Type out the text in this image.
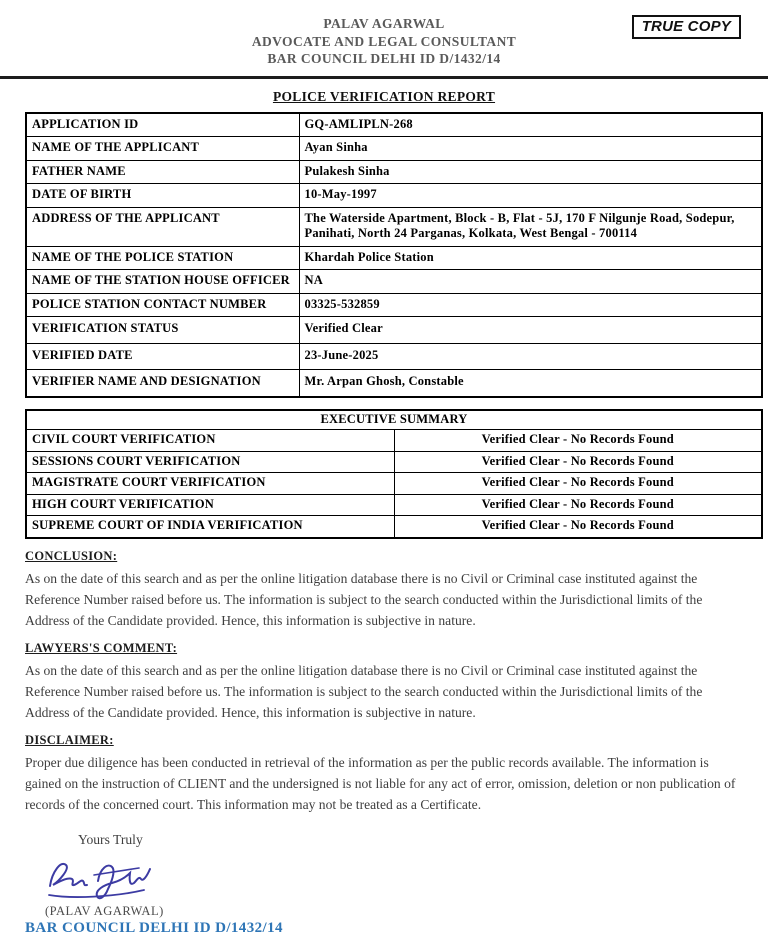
PALAV AGARWAL
ADVOCATE AND LEGAL CONSULTANT
BAR COUNCIL DELHI ID D/1432/14
TRUE COPY
POLICE VERIFICATION REPORT
APPLICATION ID	GQ-AMLIPLN-268
NAME OF THE APPLICANT	Ayan Sinha
FATHER NAME	Pulakesh Sinha
DATE OF BIRTH	10-May-1997
ADDRESS OF THE APPLICANT	The Waterside Apartment, Block - B, Flat - 5J, 170 F Nilgunje Road, Sodepur, Panihati, North 24 Parganas, Kolkata, West Bengal - 700114
NAME OF THE POLICE STATION	Khardah Police Station
NAME OF THE STATION HOUSE OFFICER	NA
POLICE STATION CONTACT NUMBER	03325-532859
VERIFICATION STATUS	Verified Clear
VERIFIED DATE	23-June-2025
VERIFIER NAME AND DESIGNATION	Mr. Arpan Ghosh, Constable
EXECUTIVE SUMMARY	
CIVIL COURT VERIFICATION	Verified Clear - No Records Found
SESSIONS COURT VERIFICATION	Verified Clear - No Records Found
MAGISTRATE COURT VERIFICATION	Verified Clear - No Records Found
HIGH COURT VERIFICATION	Verified Clear - No Records Found
SUPREME COURT OF INDIA VERIFICATION	Verified Clear - No Records Found
CONCLUSION:
As on the date of this search and as per the online litigation database there is no Civil or Criminal case instituted against the Reference Number raised before us. The information is subject to the search conducted within the Jurisdictional limits of the Address of the Candidate provided. Hence, this information is subjective in nature.
LAWYERS'S COMMENT:
As on the date of this search and as per the online litigation database there is no Civil or Criminal case instituted against the Reference Number raised before us. The information is subject to the search conducted within the Jurisdictional limits of the Address of the Candidate provided. Hence, this information is subjective in nature.
DISCLAIMER:
Proper due diligence has been conducted in retrieval of the information as per the public records available. The information is gained on the instruction of CLIENT and the undersigned is not liable for any act of error, omission, deletion or non publication of records of the concerned court. This information may not be treated as a Certificate.
Yours Truly
(PALAV AGARWAL)
BAR COUNCIL DELHI ID D/1432/14
